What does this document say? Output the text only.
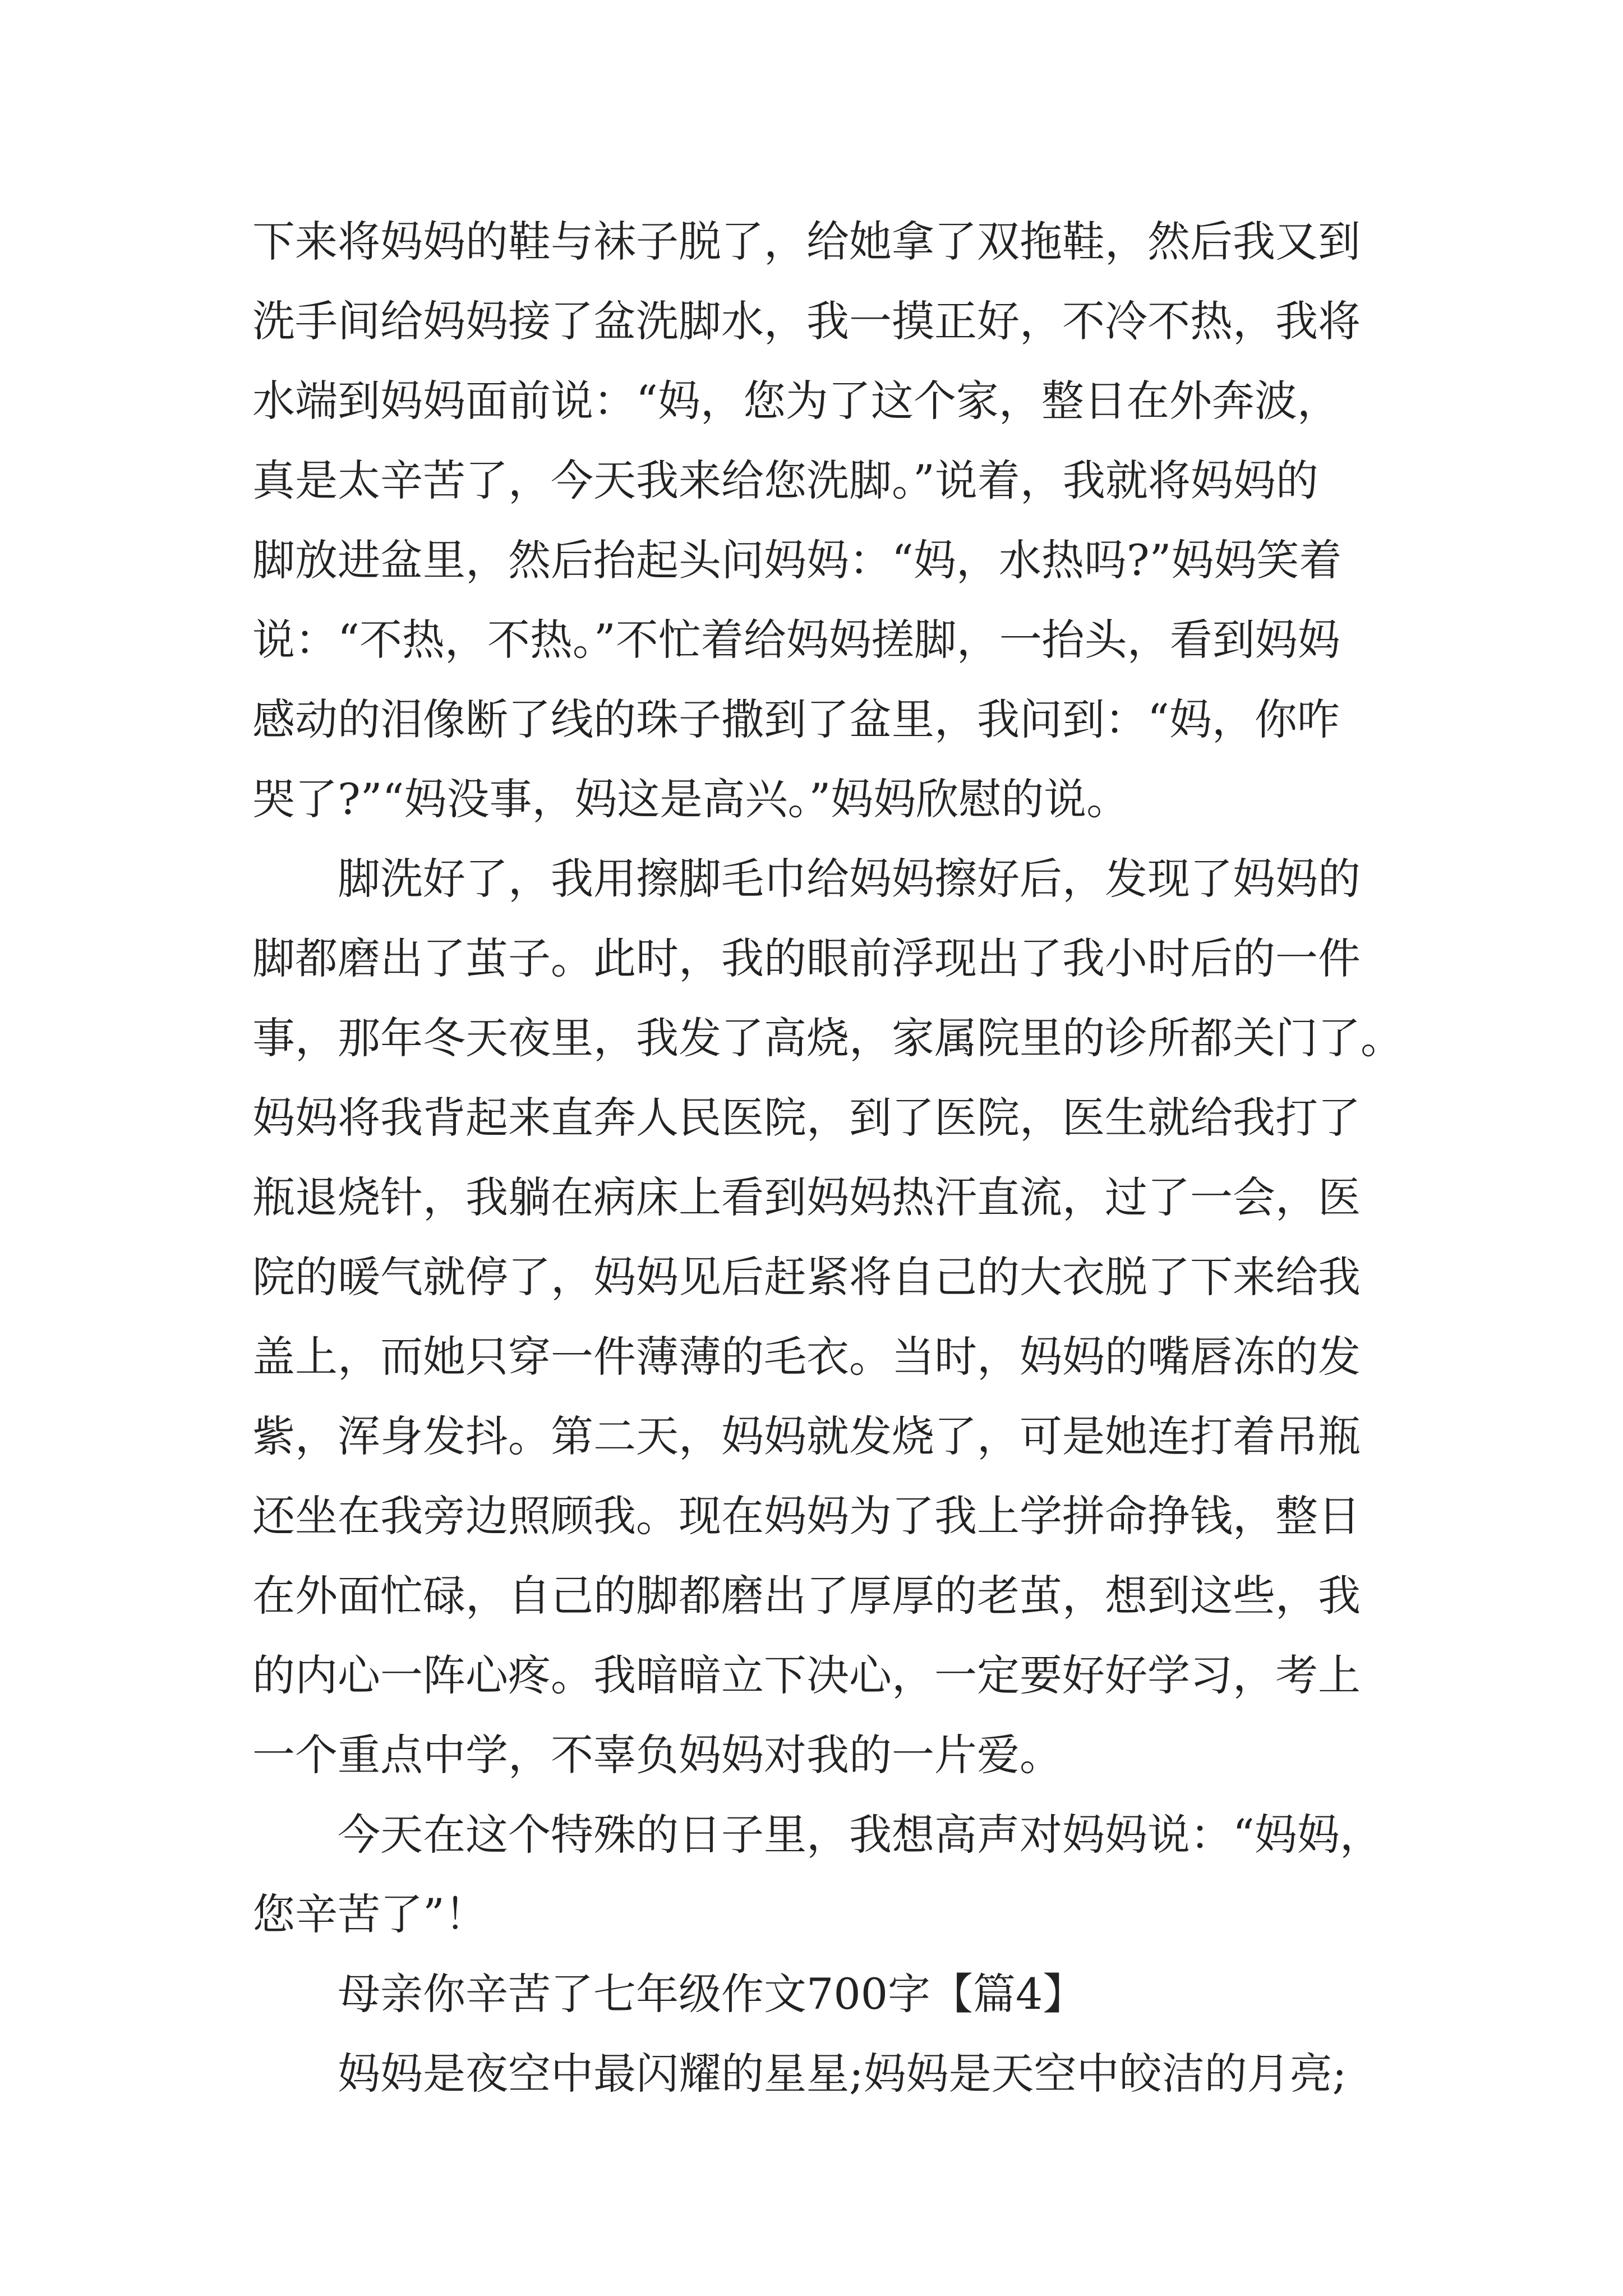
下来将妈妈的鞋与袜子脱了，给她拿了双拖鞋，然后我又到
洗手间给妈妈接了盆洗脚水，我一摸正好，不冷不热，我将
水端到妈妈面前说：“妈，您为了这个家，整日在外奔波，
真是太辛苦了，今天我来给您洗脚。”说着，我就将妈妈的
脚放进盆里，然后抬起头问妈妈：“妈，水热吗?”妈妈笑着
说：“不热，不热。”不忙着给妈妈搓脚，一抬头，看到妈妈
感动的泪像断了线的珠子撒到了盆里，我问到：“妈，你咋
哭了?”“妈没事，妈这是高兴。”妈妈欣慰的说。
脚洗好了，我用擦脚毛巾给妈妈擦好后，发现了妈妈的
脚都磨出了茧子。此时，我的眼前浮现出了我小时后的一件
事，那年冬天夜里，我发了高烧，家属院里的诊所都关门了。
妈妈将我背起来直奔人民医院，到了医院，医生就给我打了
瓶退烧针，我躺在病床上看到妈妈热汗直流，过了一会，医
院的暖气就停了，妈妈见后赶紧将自己的大衣脱了下来给我
盖上，而她只穿一件薄薄的毛衣。当时，妈妈的嘴唇冻的发
紫，浑身发抖。第二天，妈妈就发烧了，可是她连打着吊瓶
还坐在我旁边照顾我。现在妈妈为了我上学拼命挣钱，整日
在外面忙碌，自己的脚都磨出了厚厚的老茧，想到这些，我
的内心一阵心疼。我暗暗立下决心，一定要好好学习，考上
一个重点中学，不辜负妈妈对我的一片爱。
今天在这个特殊的日子里，我想高声对妈妈说：“妈妈，
您辛苦了”！
母亲你辛苦了七年级作文700字【篇4】
妈妈是夜空中最闪耀的星星;妈妈是天空中皎洁的月亮;
